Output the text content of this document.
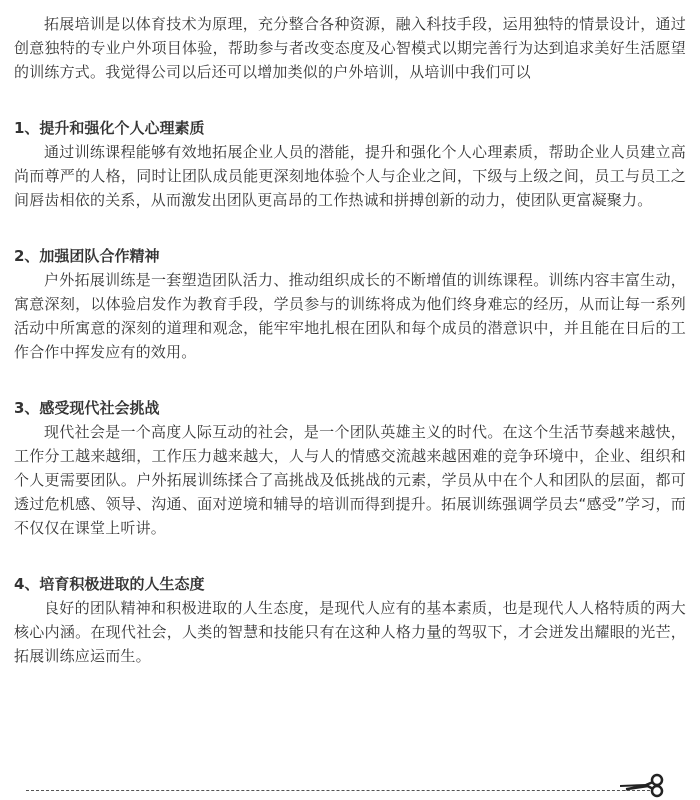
拓展培训是以体育技术为原理，充分整合各种资源，融入科技手段，运用独特的情景设计，通过创意独特的专业户外项目体验，帮助参与者改变态度及心智模式以期完善行为达到追求美好生活愿望的训练方式。我觉得公司以后还可以增加类似的户外培训，从培训中我们可以

1、提升和强化个人心理素质

通过训练课程能够有效地拓展企业人员的潜能，提升和强化个人心理素质，帮助企业人员建立高尚而尊严的人格，同时让团队成员能更深刻地体验个人与企业之间，下级与上级之间，员工与员工之间唇齿相依的关系，从而激发出团队更高昂的工作热诚和拼搏创新的动力，使团队更富凝聚力。

2、加强团队合作精神

户外拓展训练是一套塑造团队活力、推动组织成长的不断增值的训练课程。训练内容丰富生动，寓意深刻，以体验启发作为教育手段，学员参与的训练将成为他们终身难忘的经历，从而让每一系列活动中所寓意的深刻的道理和观念，能牢牢地扎根在团队和每个成员的潜意识中，并且能在日后的工作合作中挥发应有的效用。

3、感受现代社会挑战

现代社会是一个高度人际互动的社会，是一个团队英雄主义的时代。在这个生活节奏越来越快，工作分工越来越细，工作压力越来越大，人与人的情感交流越来越困难的竞争环境中，企业、组织和个人更需要团队。户外拓展训练揉合了高挑战及低挑战的元素，学员从中在个人和团队的层面，都可透过危机感、领导、沟通、面对逆境和辅导的培训而得到提升。拓展训练强调学员去“感受”学习，而不仅仅在课堂上听讲。

4、培育积极进取的人生态度

良好的团队精神和积极进取的人生态度，是现代人应有的基本素质，也是现代人人格特质的两大核心内涵。在现代社会，人类的智慧和技能只有在这种人格力量的驾驭下，才会迸发出耀眼的光芒，拓展训练应运而生。
